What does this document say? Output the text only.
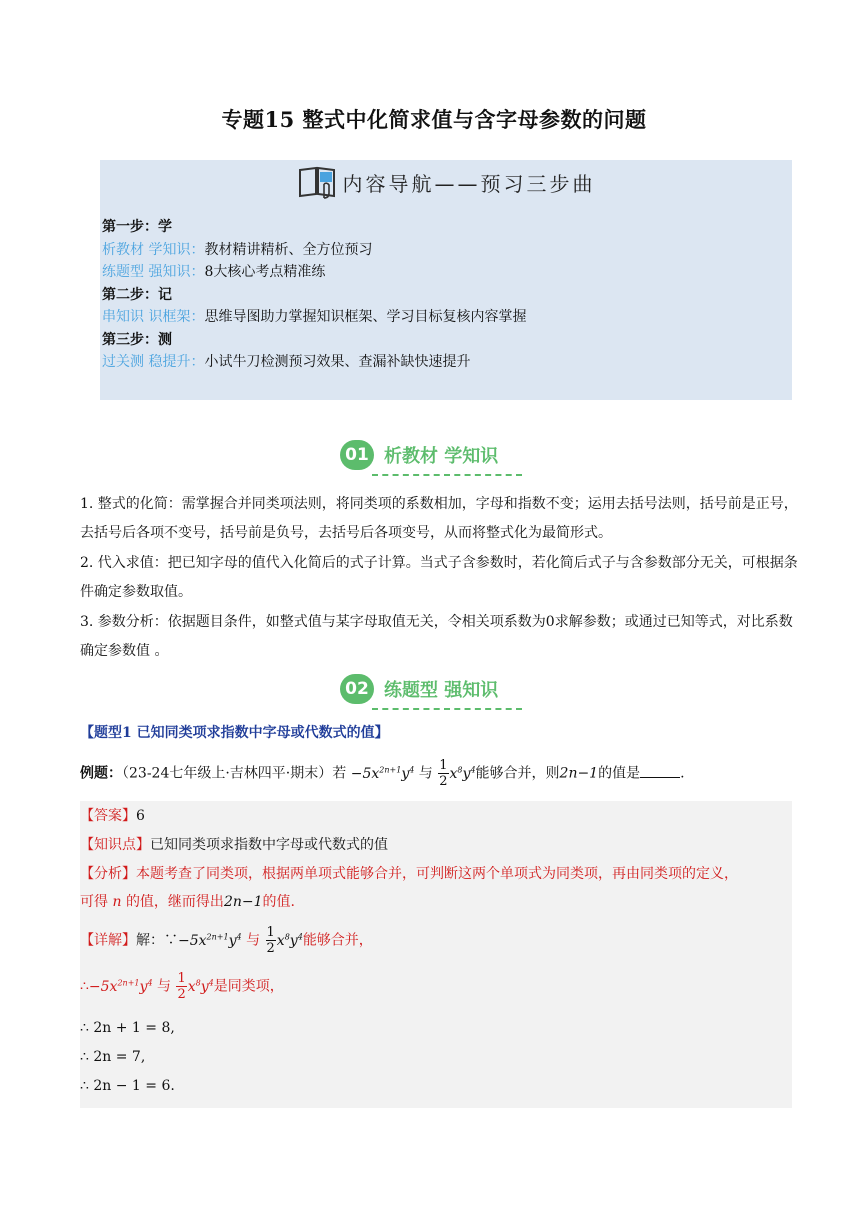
专题15 整式中化简求值与含字母参数的问题
内容导航——预习三步曲
第一步：学
析教材 学知识：教材精讲精析、全方位预习
练题型 强知识：8大核心考点精准练
第二步：记
串知识 识框架：思维导图助力掌握知识框架、学习目标复核内容掌握
第三步：测
过关测 稳提升：小试牛刀检测预习效果、查漏补缺快速提升
01 析教材 学知识
1. 整式的化简：需掌握合并同类项法则，将同类项的系数相加，字母和指数不变；运用去括号法则，括号前是正号，去括号后各项不变号，括号前是负号，去括号后各项变号，从而将整式化为最简形式。
2. 代入求值：把已知字母的值代入化简后的式子计算。当式子含参数时，若化简后式子与含参数部分无关，可根据条件确定参数取值。
3. 参数分析：依据题目条件，如整式值与某字母取值无关，令相关项系数为0求解参数；或通过已知等式，对比系数确定参数值 。
02 练题型 强知识
【题型1 已知同类项求指数中字母或代数式的值】
例题：（23-24七年级上·吉林四平·期末）若 $-5x^{2n+1}y^4$ 与 $\frac{1}{2} x^8y^4$能够合并，则2n−1的值是	.
【答案】6
【知识点】已知同类项求指数中字母或代数式的值
【分析】本题考查了同类项，根据两单项式能够合并，可判断这两个单项式为同类项，再由同类项的定义，
可得 n 的值，继而得出2n−1的值.
【详解】解：$\because-5x^{2n+1}y^4$ 与 $\frac{1}{2} x^8y^4$能够合并，
$\therefore-5x^{2n+1}y^4$ 与 $\frac{1}{2} x^8y^4$是同类项，
∴ 2n + 1 = 8,
∴ 2n = 7,
∴ 2n − 1 = 6.
